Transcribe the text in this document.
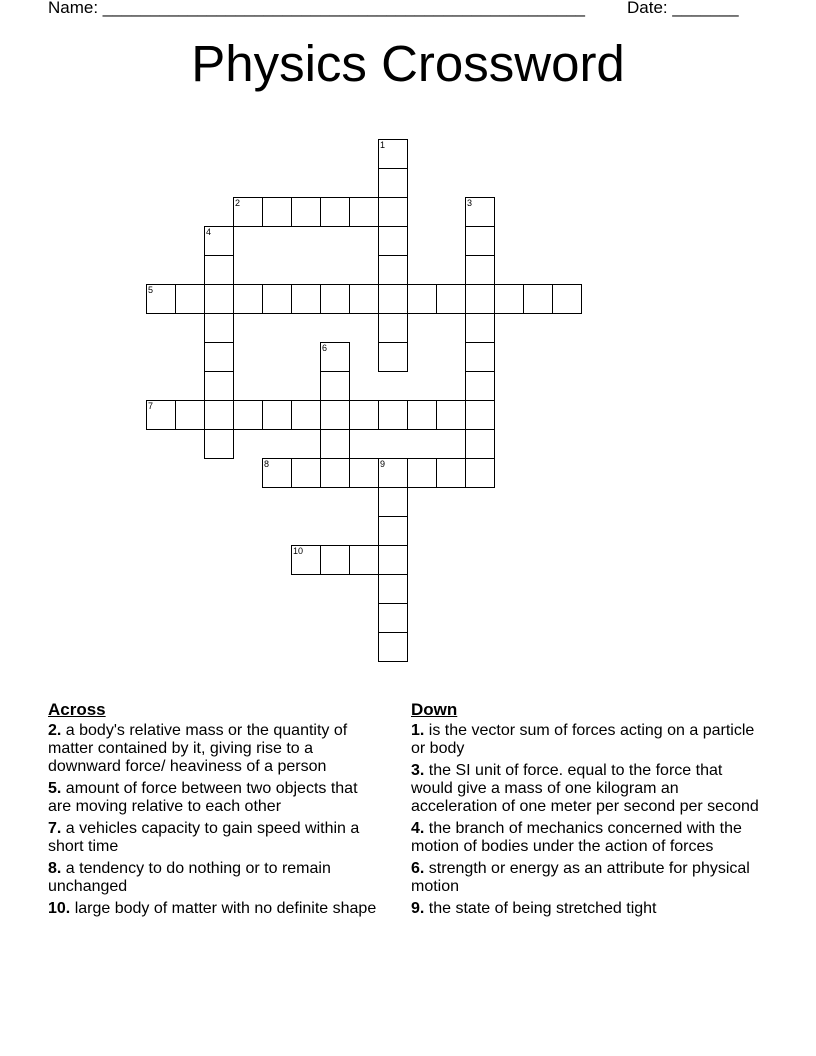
Name: ___________________________________________________ Date: _______
Physics Crossword
1
2	3
4
5
6
7
8	9
10
Across
2. a body's relative mass or the quantity of matter contained by it, giving rise to a downward force/ heaviness of a person
5. amount of force between two objects that are moving relative to each other
7. a vehicles capacity to gain speed within a short time
8. a tendency to do nothing or to remain unchanged
10. large body of matter with no definite shape
Down
1. is the vector sum of forces acting on a particle or body
3. the SI unit of force. equal to the force that would give a mass of one kilogram an acceleration of one meter per second per second
4. the branch of mechanics concerned with the motion of bodies under the action of forces
6. strength or energy as an attribute for physical motion
9. the state of being stretched tight
